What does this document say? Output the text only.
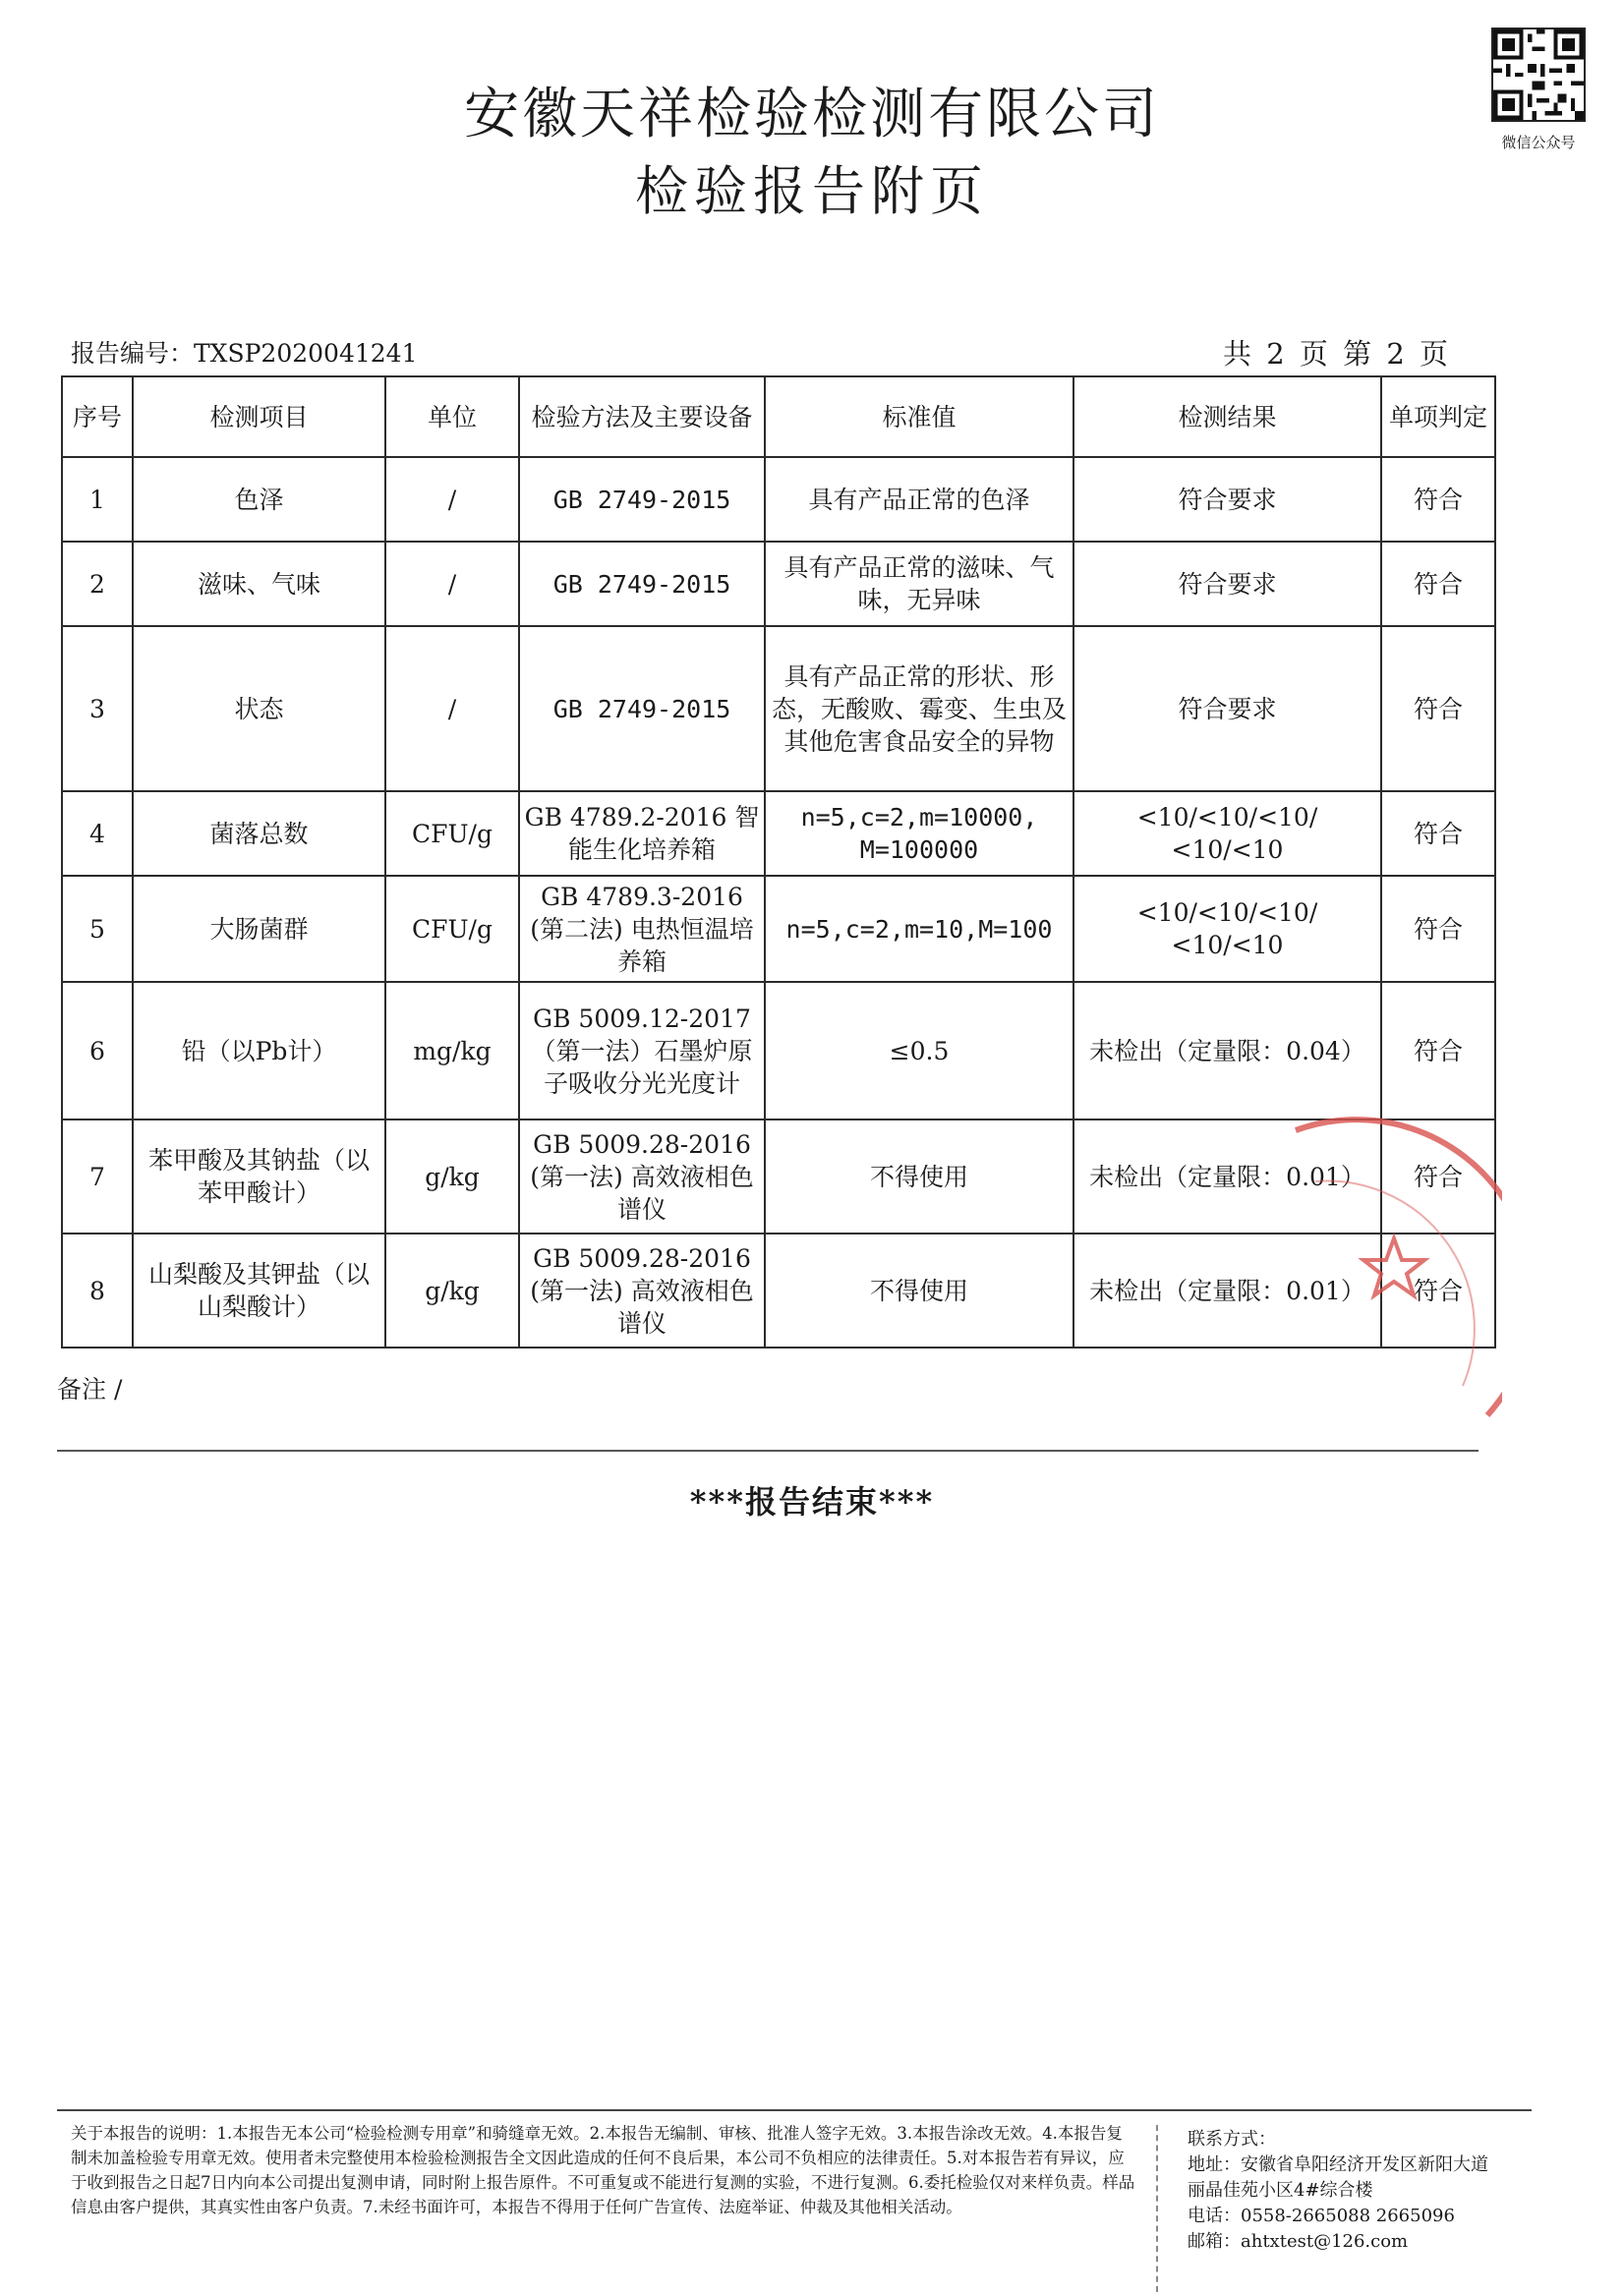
微信公众号
安徽天祥检验检测有限公司
检验报告附页
报告编号：TXSP2020041241	共 2 页 第 2 页
序号	检测项目	单位	检验方法及主要设备	标准值	检测结果	单项判定
1	色泽	/	GB 2749-2015	具有产品正常的色泽	符合要求	符合
2	滋味、气味	/	GB 2749-2015	具有产品正常的滋味、气味，无异味	符合要求	符合
3	状态	/	GB 2749-2015	具有产品正常的形状、形态，无酸败、霉变、生虫及其他危害食品安全的异物	符合要求	符合
4	菌落总数	CFU/g	GB 4789.2-2016 智能生化培养箱	n=5,c=2,m=10000, M=100000	<10/<10/<10/ <10/<10	符合
5	大肠菌群	CFU/g	GB 4789.3-2016 (第二法) 电热恒温培养箱	n=5,c=2,m=10,M=100	<10/<10/<10/ <10/<10	符合
6	铅（以Pb计）	mg/kg	GB 5009.12-2017 （第一法）石墨炉原子吸收分光光度计	≤0.5	未检出（定量限：0.04）	符合
7	苯甲酸及其钠盐（以苯甲酸计）	g/kg	GB 5009.28-2016 (第一法) 高效液相色谱仪	不得使用	未检出（定量限：0.01）	符合
8	山梨酸及其钾盐（以山梨酸计）	g/kg	GB 5009.28-2016 (第一法) 高效液相色谱仪	不得使用	未检出（定量限：0.01）	符合
备注 /
***报告结束***
关于本报告的说明：1.本报告无本公司“检验检测专用章”和骑缝章无效。2.本报告无编制、审核、批准人签字无效。3.本报告涂改无效。4.本报告复制未加盖检验专用章无效。使用者未完整使用本检验检测报告全文因此造成的任何不良后果，本公司不负相应的法律责任。5.对本报告若有异议，应于收到报告之日起7日内向本公司提出复测申请，同时附上报告原件。不可重复或不能进行复测的实验，不进行复测。6.委托检验仅对来样负责。样品信息由客户提供，其真实性由客户负责。7.未经书面许可，本报告不得用于任何广告宣传、法庭举证、仲裁及其他相关活动。
联系方式：
地址：安徽省阜阳经济开发区新阳大道
丽晶佳苑小区4#综合楼
电话：0558-2665088 2665096
邮箱：ahtxtest@126.com
